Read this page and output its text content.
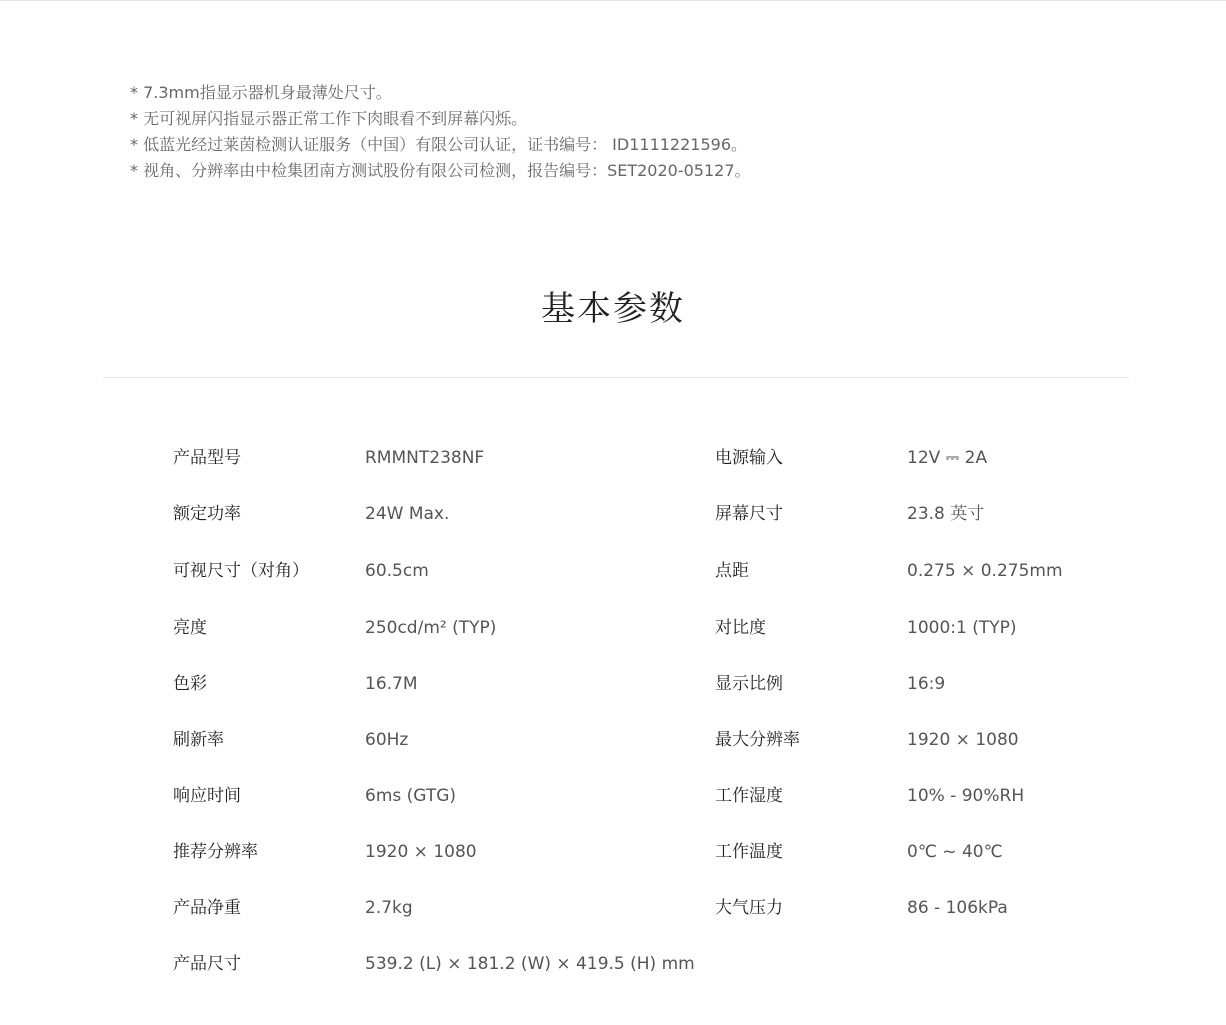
* 7.3mm指显示器机身最薄处尺寸。
* 无可视屏闪指显示器正常工作下肉眼看不到屏幕闪烁。
* 低蓝光经过莱茵检测认证服务（中国）有限公司认证，证书编号： ID1111221596。
* 视角、分辨率由中检集团南方测试股份有限公司检测，报告编号：SET2020-05127。
基本参数
产品型号	RMMNT238NF	电源输入	12V ⎓ 2A
额定功率	24W Max.	屏幕尺寸	23.8 英寸
可视尺寸（对角）	60.5cm	点距	0.275 × 0.275mm
亮度	250cd/m² (TYP)	对比度	1000:1 (TYP)
色彩	16.7M	显示比例	16:9
刷新率	60Hz	最大分辨率	1920 × 1080
响应时间	6ms (GTG)	工作湿度	10% - 90%RH
推荐分辨率	1920 × 1080	工作温度	0℃ ~ 40℃
产品净重	2.7kg	大气压力	86 - 106kPa
产品尺寸	539.2 (L) × 181.2 (W) × 419.5 (H) mm
